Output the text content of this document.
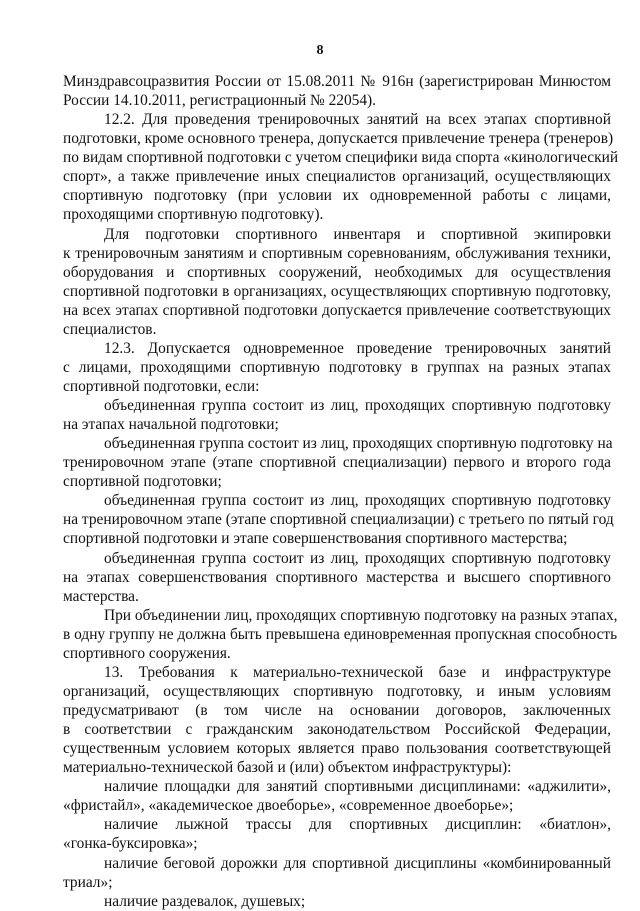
8
Минздравсоцразвития России от 15.08.2011 № 916н (зарегистрирован Минюстом
России 14.10.2011, регистрационный № 22054).
12.2. Для проведения тренировочных занятий на всех этапах спортивной
подготовки, кроме основного тренера, допускается привлечение тренера (тренеров)
по видам спортивной подготовки с учетом специфики вида спорта «кинологический
спорт», а также привлечение иных специалистов организаций, осуществляющих
спортивную подготовку (при условии их одновременной работы с лицами,
проходящими спортивную подготовку).
Для подготовки спортивного инвентаря и спортивной экипировки
к тренировочным занятиям и спортивным соревнованиям, обслуживания техники,
оборудования и спортивных сооружений, необходимых для осуществления
спортивной подготовки в организациях, осуществляющих спортивную подготовку,
на всех этапах спортивной подготовки допускается привлечение соответствующих
специалистов.
12.3. Допускается одновременное проведение тренировочных занятий
с лицами, проходящими спортивную подготовку в группах на разных этапах
спортивной подготовки, если:
объединенная группа состоит из лиц, проходящих спортивную подготовку
на этапах начальной подготовки;
объединенная группа состоит из лиц, проходящих спортивную подготовку на
тренировочном этапе (этапе спортивной специализации) первого и второго года
спортивной подготовки;
объединенная группа состоит из лиц, проходящих спортивную подготовку
на тренировочном этапе (этапе спортивной специализации) с третьего по пятый год
спортивной подготовки и этапе совершенствования спортивного мастерства;
объединенная группа состоит из лиц, проходящих спортивную подготовку
на этапах совершенствования спортивного мастерства и высшего спортивного
мастерства.
При объединении лиц, проходящих спортивную подготовку на разных этапах,
в одну группу не должна быть превышена единовременная пропускная способность
спортивного сооружения.
13. Требования к материально-технической базе и инфраструктуре
организаций, осуществляющих спортивную подготовку, и иным условиям
предусматривают (в том числе на основании договоров, заключенных
в соответствии с гражданским законодательством Российской Федерации,
существенным условием которых является право пользования соответствующей
материально-технической базой и (или) объектом инфраструктуры):
наличие площадки для занятий спортивными дисциплинами: «аджилити»,
«фристайл», «академическое двоеборье», «современное двоеборье»;
наличие лыжной трассы для спортивных дисциплин: «биатлон»,
«гонка-буксировка»;
наличие беговой дорожки для спортивной дисциплины «комбинированный
триал»;
наличие раздевалок, душевых;
